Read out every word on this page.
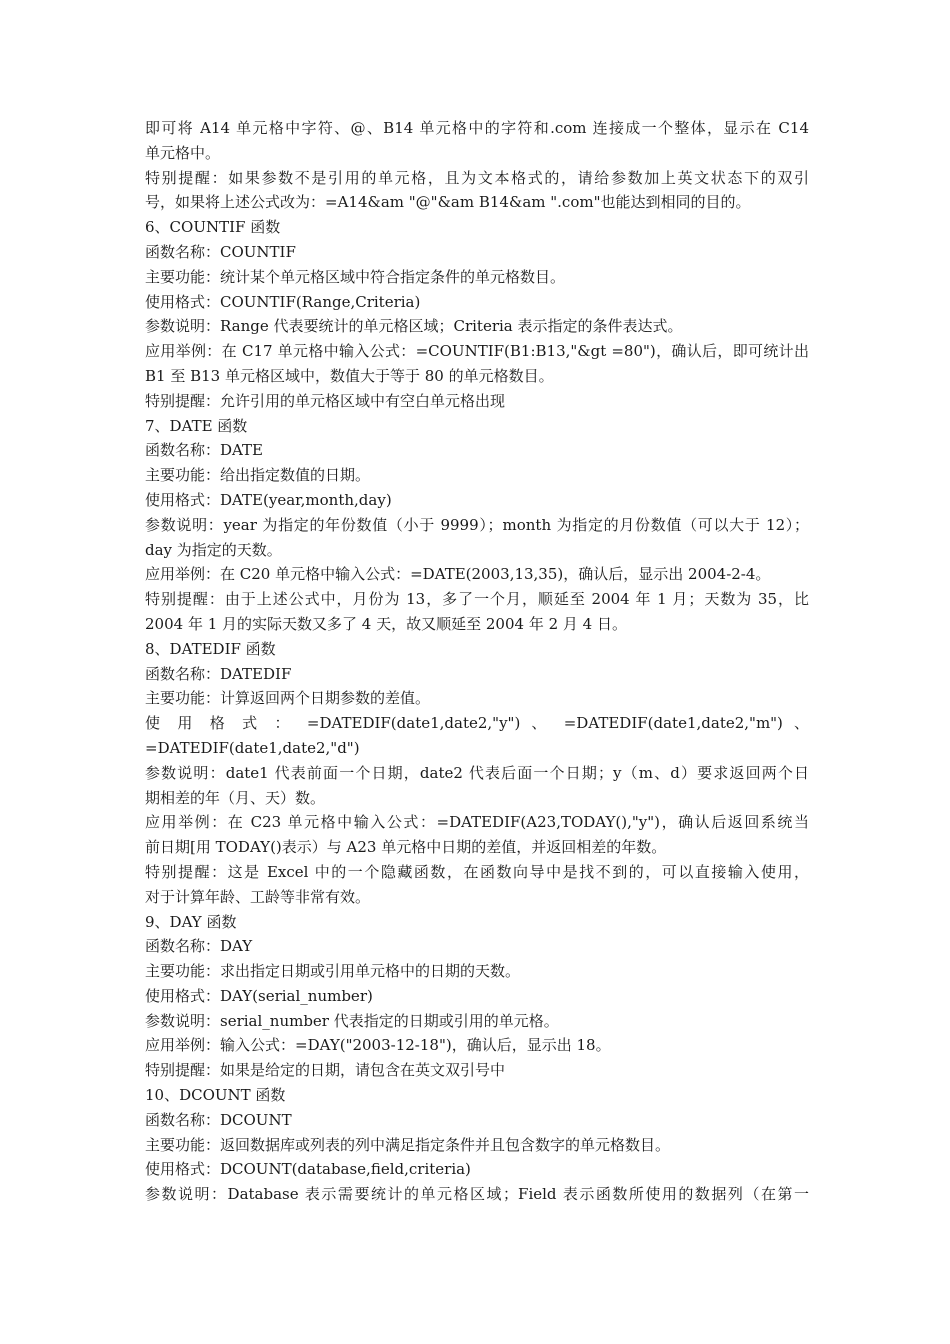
即可将 A14 单元格中字符、@、B14 单元格中的字符和.com 连接成一个整体，显示在 C14
单元格中。
特别提醒：如果参数不是引用的单元格，且为文本格式的，请给参数加上英文状态下的双引
号，如果将上述公式改为：=A14&am "@"&am B14&am ".com"也能达到相同的目的。
6、COUNTIF 函数
函数名称：COUNTIF
主要功能：统计某个单元格区域中符合指定条件的单元格数目。
使用格式：COUNTIF(Range,Criteria)
参数说明：Range 代表要统计的单元格区域；Criteria 表示指定的条件表达式。
应用举例：在 C17 单元格中输入公式：=COUNTIF(B1:B13,"&gt =80")，确认后，即可统计出
B1 至 B13 单元格区域中，数值大于等于 80 的单元格数目。
特别提醒：允许引用的单元格区域中有空白单元格出现
7、DATE 函数
函数名称：DATE
主要功能：给出指定数值的日期。
使用格式：DATE(year,month,day)
参数说明：year 为指定的年份数值（小于 9999）；month 为指定的月份数值（可以大于 12）；
day 为指定的天数。
应用举例：在 C20 单元格中输入公式：=DATE(2003,13,35)，确认后，显示出 2004-2-4。
特别提醒：由于上述公式中，月份为 13，多了一个月，顺延至 2004 年 1 月；天数为 35，比
2004 年 1 月的实际天数又多了 4 天，故又顺延至 2004 年 2 月 4 日。
8、DATEDIF 函数
函数名称：DATEDIF
主要功能：计算返回两个日期参数的差值。
使 用 格 式 ： =DATEDIF(date1,date2,"y") 、 =DATEDIF(date1,date2,"m") 、
=DATEDIF(date1,date2,"d")
参数说明：date1 代表前面一个日期，date2 代表后面一个日期；y（m、d）要求返回两个日
期相差的年（月、天）数。
应用举例：在 C23 单元格中输入公式：=DATEDIF(A23,TODAY(),"y")，确认后返回系统当
前日期[用 TODAY()表示）与 A23 单元格中日期的差值，并返回相差的年数。
特别提醒：这是 Excel 中的一个隐藏函数，在函数向导中是找不到的，可以直接输入使用，
对于计算年龄、工龄等非常有效。
9、DAY 函数
函数名称：DAY
主要功能：求出指定日期或引用单元格中的日期的天数。
使用格式：DAY(serial_number)
参数说明：serial_number 代表指定的日期或引用的单元格。
应用举例：输入公式：=DAY("2003-12-18")，确认后，显示出 18。
特别提醒：如果是给定的日期，请包含在英文双引号中
10、DCOUNT 函数
函数名称：DCOUNT
主要功能：返回数据库或列表的列中满足指定条件并且包含数字的单元格数目。
使用格式：DCOUNT(database,field,criteria)
参数说明：Database 表示需要统计的单元格区域；Field 表示函数所使用的数据列（在第一
